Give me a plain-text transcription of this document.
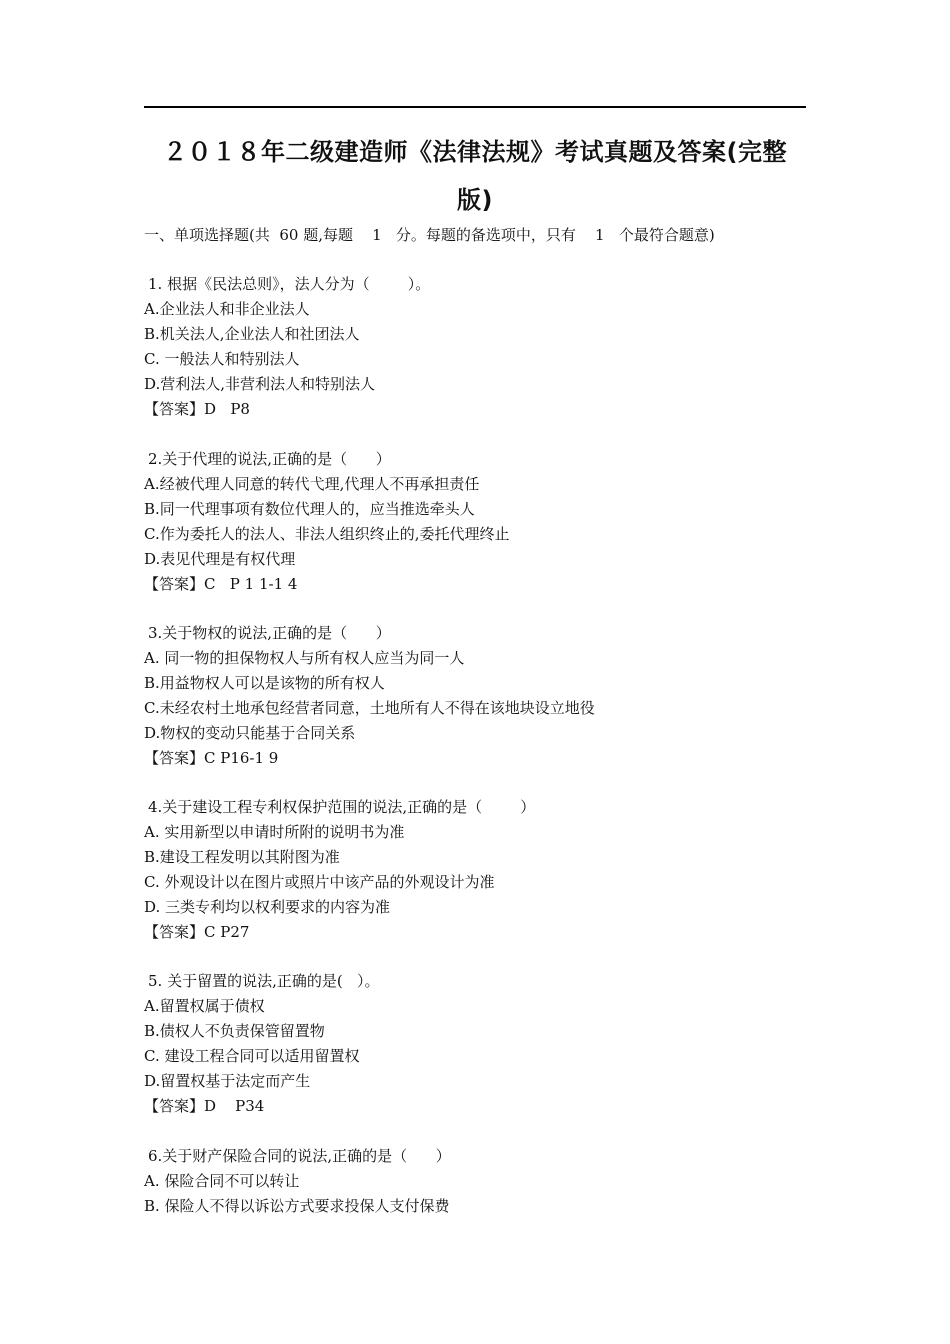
２０１８年二级建造师《法律法规》考试真题及答案(完整
版)
一、单项选择题(共  60 题,每题    1   分。每题的备选项中，只有    1   个最符合题意)
1. 根据《民法总则》，法人分为（        ）。
A.企业法人和非企业法人
B.机关法人,企业法人和社团法人
C. 一般法人和特别法人
D.营利法人,非营利法人和特别法人
【答案】D   P8
2.关于代理的说法,正确的是（      ）
A.经被代理人同意的转代弋理,代理人不再承担责任
B.同一代理事项有数位代理人的，应当推选牵头人
C.作为委托人的法人、非法人组织终止的,委托代理终止
D.表见代理是有权代理
【答案】C   P 1 1-1 4
3.关于物权的说法,正确的是（      ）
A. 同一物的担保物权人与所有权人应当为同一人
B.用益物权人可以是该物的所有权人
C.未经农村土地承包经营者同意，土地所有人不得在该地块设立地役
D.物权的变动只能基于合同关系
【答案】C P16-1 9
4.关于建设工程专利权保护范围的说法,正确的是（        ）
A. 实用新型以申请时所附的说明书为准
B.建设工程发明以其附图为准
C. 外观设计以在图片或照片中该产品的外观设计为准
D. 三类专利均以权利要求的内容为准
【答案】C P27
5. 关于留置的说法,正确的是(   ）。
A.留置权属于债权
B.债权人不负责保管留置物
C. 建设工程合同可以适用留置权
D.留置权基于法定而产生
【答案】D    P34
6.关于财产保险合同的说法,正确的是（      ）
A. 保险合同不可以转让
B. 保险人不得以诉讼方式要求投保人支付保费
